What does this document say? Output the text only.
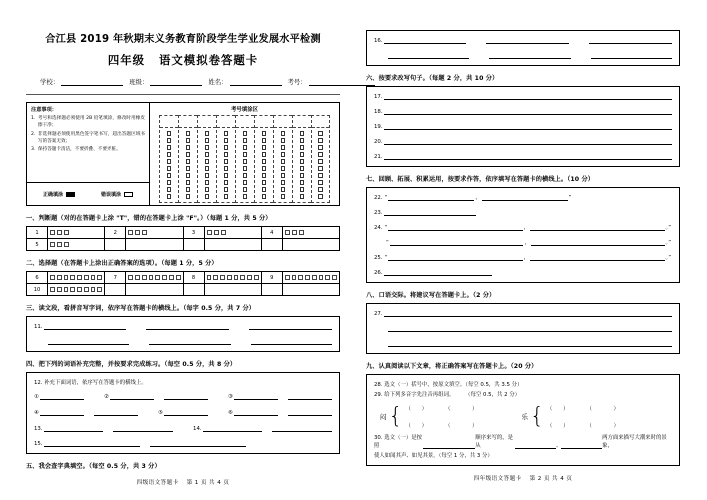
合江县 2019 年秋期末义务教育阶段学生学业发展水平检测
四年级 语文模拟卷答题卡
学校：	班级：	姓名：	考号：
注意事项：
1. 考号和选择题必须使用 2B 铅笔填涂，修改时用橡皮擦干净；
2. 非选择题必须使用黑色签字笔书写，超出答题区域书写的答案无效；
3. 保持答题卡清洁，不要折叠、不要弄脏。
正确填涂	错误填涂
考号填涂区
一、判断题（对的在答题卡上涂 "T"，错的在答题卡上涂 "F"。）（每题 1 分，共 5 分）
1		2		3		4	

5	

二、选择题（在答题卡上涂出正确答案的选项）。（每题 1 分，5 分）
6		7		8		9	

10	

三、读文段，看拼音写字词，依序写在答题卡的横线上。（每字 0.5 分，共 7 分）
11.
四、把下列的词语补充完整，并按要求完成练习。（每空 0.5 分，共 8 分）
12. 补充下面词语，依序写在答题卡的横线上。
①	②	③
④	⑤	⑥
13.	14.
15.
五、我会查字典填空。（每空 0.5 分，共 3 分）
四级语文答题卡 第 1 页 共 4 页
16.
六、按要求改写句子。（每题 2 分，共 10 分）
17.
18.
19.
20.
21.
七、回顾、拓展、积累运用，按要求作答，依序填写在答题卡的横线上。（10 分）
22. “	，	”
23.
24. “	，	。”
“	，	。”
25. “	，	。”
26.
八、口语交际。将建议写在答题卡上。（2 分）
27.
九、认真阅读以下文章，将正确答案写在答题卡上。（20 分）
28. 选文（一）括号中，按原文填空。（每空 0.5，共 3.5 分）
29. 给下列多音字先注音再组词。　　　（每空 0.5，共 2 分）
闷 { （　　）	（　　　　）
（　　）	（　　　　）
乐 { （　　）	（　　　　）
（　　）	（　　　　）
30. 选文（一）是按照
顺序来写的，是从	、
两方面来描写大潮来时的景象，
使人如闻其声、如见其景。（每空 1 分，共 3 分）
四年级语文答题卡 第 2 页 共 4 页
